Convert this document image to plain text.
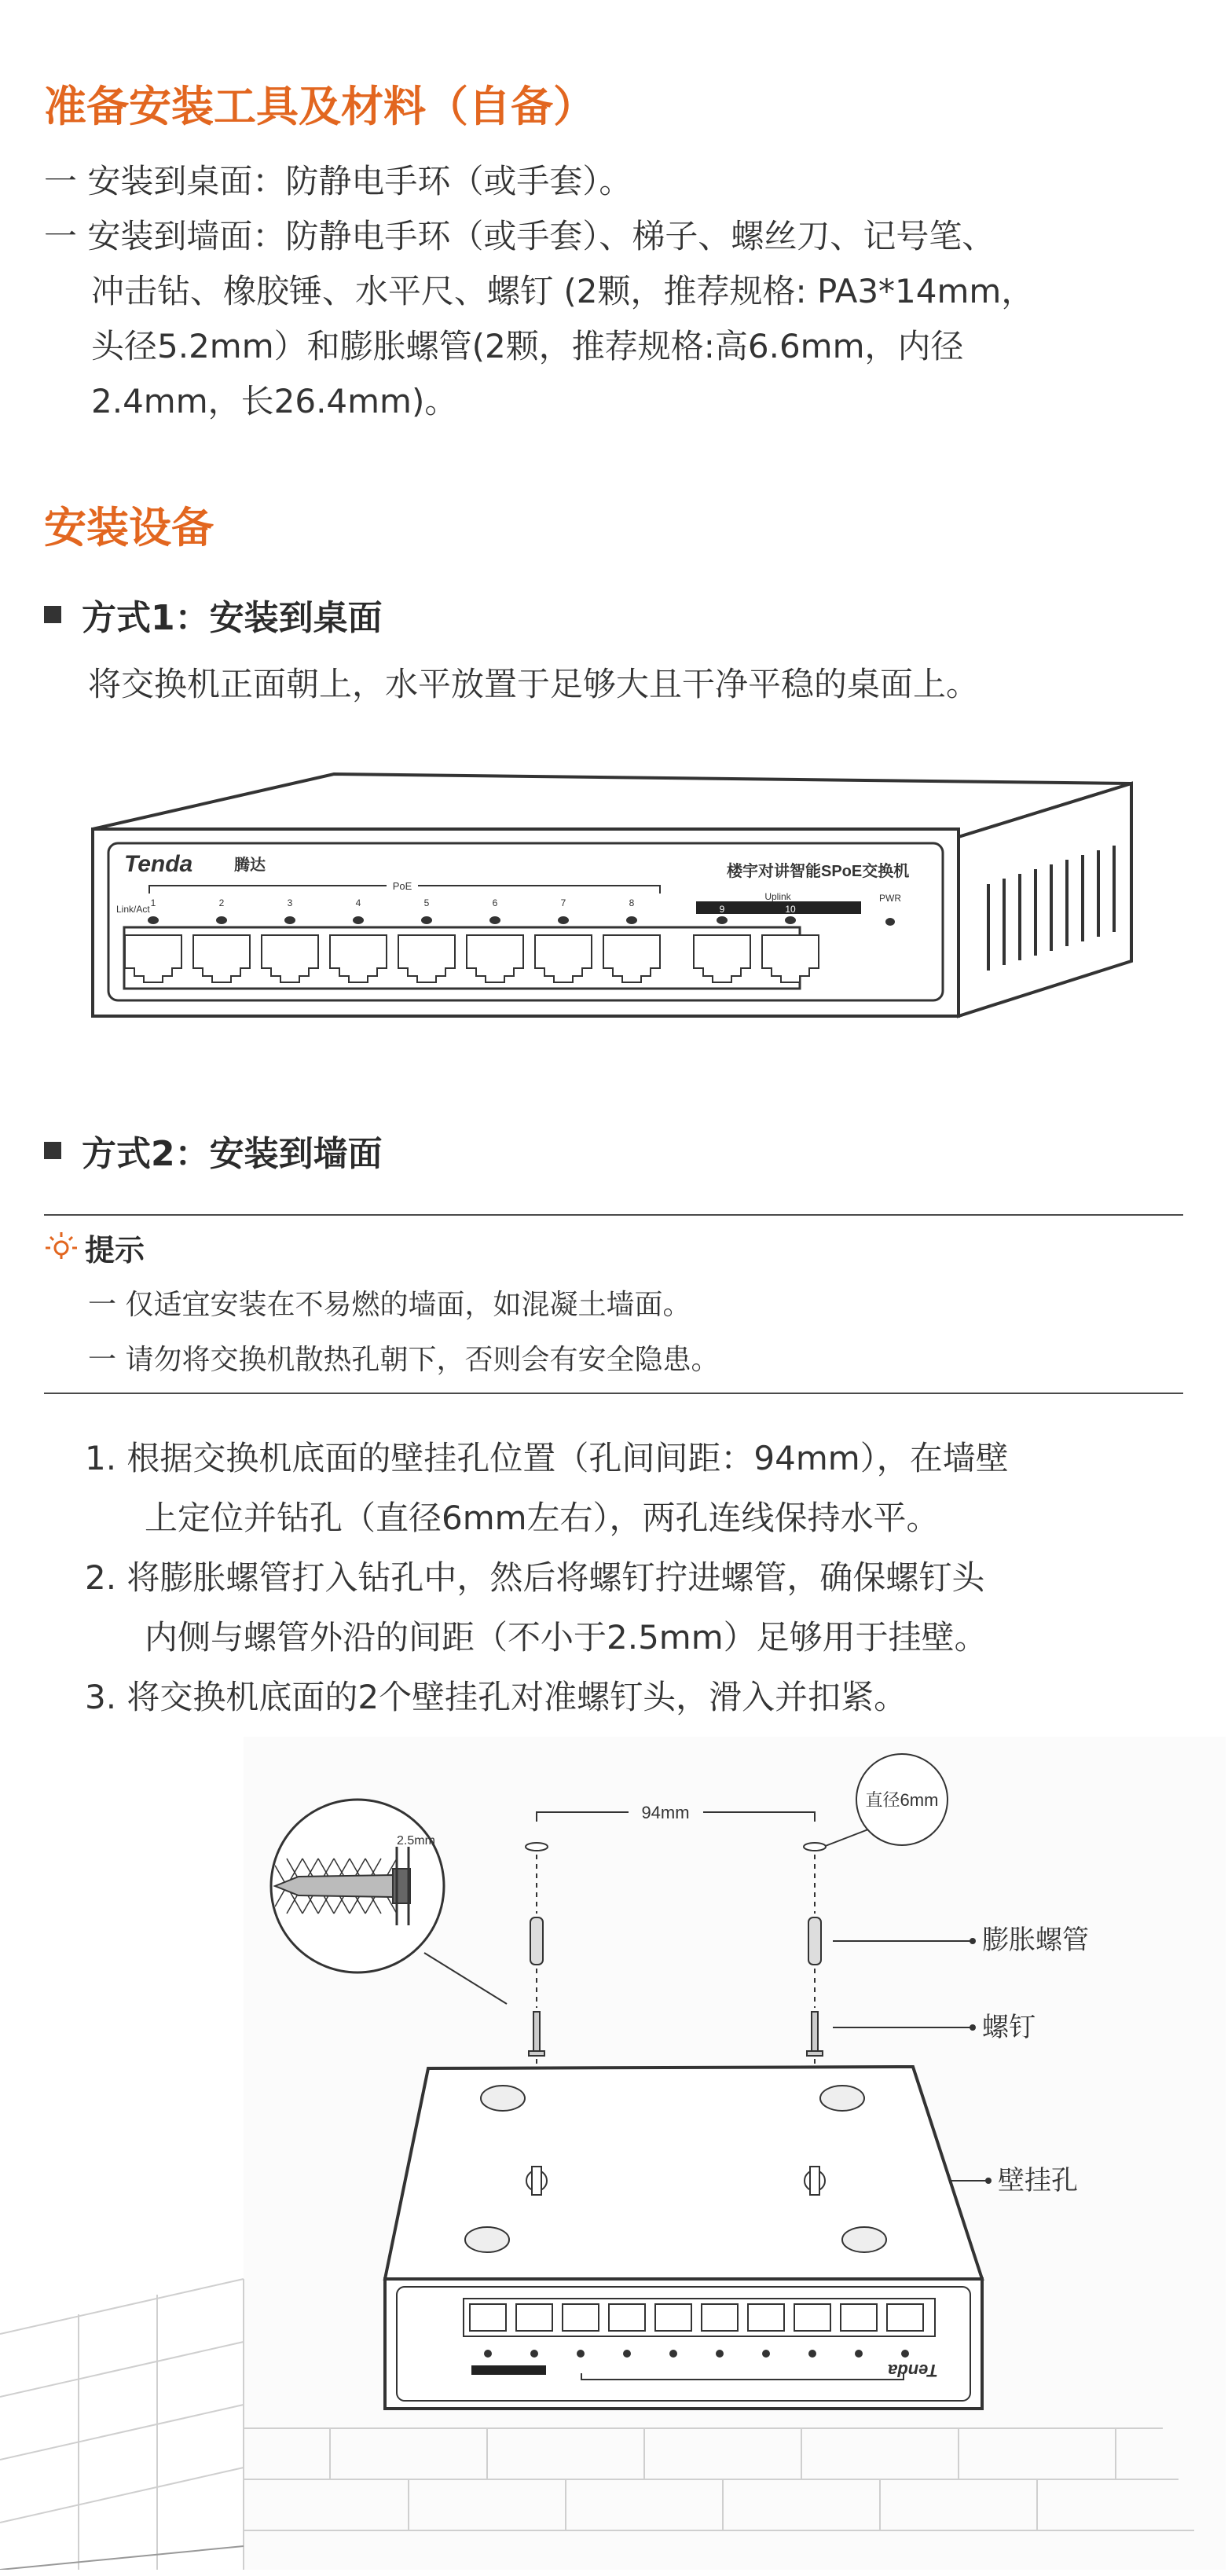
准备安装工具及材料（自备）
一 安装到桌面：防静电手环（或手套）。
一 安装到墙面：防静电手环（或手套）、梯子、螺丝刀、记号笔、
冲击钻、橡胶锤、水平尺、螺钉 (2颗，推荐规格: PA3*14mm，
头径5.2mm）和膨胀螺管(2颗，推荐规格:高6.6mm，内径
2.4mm，长26.4mm)。
安装设备
方式1：安装到桌面
将交换机正面朝上，水平放置于足够大且干净平稳的桌面上。
Tenda	腾达	楼宇对讲智能SPoE交换机
PoE
Uplink
Link/Act
PWR
1	2	3	4	5	6	7	8
9	10
方式2：安装到墙面
提示
一 仅适宜安装在不易燃的墙面，如混凝土墙面。
一 请勿将交换机散热孔朝下，否则会有安全隐患。
1. 根据交换机底面的壁挂孔位置（孔间间距：94mm），在墙壁
上定位并钻孔（直径6mm左右），两孔连线保持水平。
2. 将膨胀螺管打入钻孔中，然后将螺钉拧进螺管，确保螺钉头
内侧与螺管外沿的间距（不小于2.5mm）足够用于挂壁。
3. 将交换机底面的2个壁挂孔对准螺钉头，滑入并扣紧。
2.5mm
94mm
直径6mm
膨胀螺管
螺钉
壁挂孔
Tenda
